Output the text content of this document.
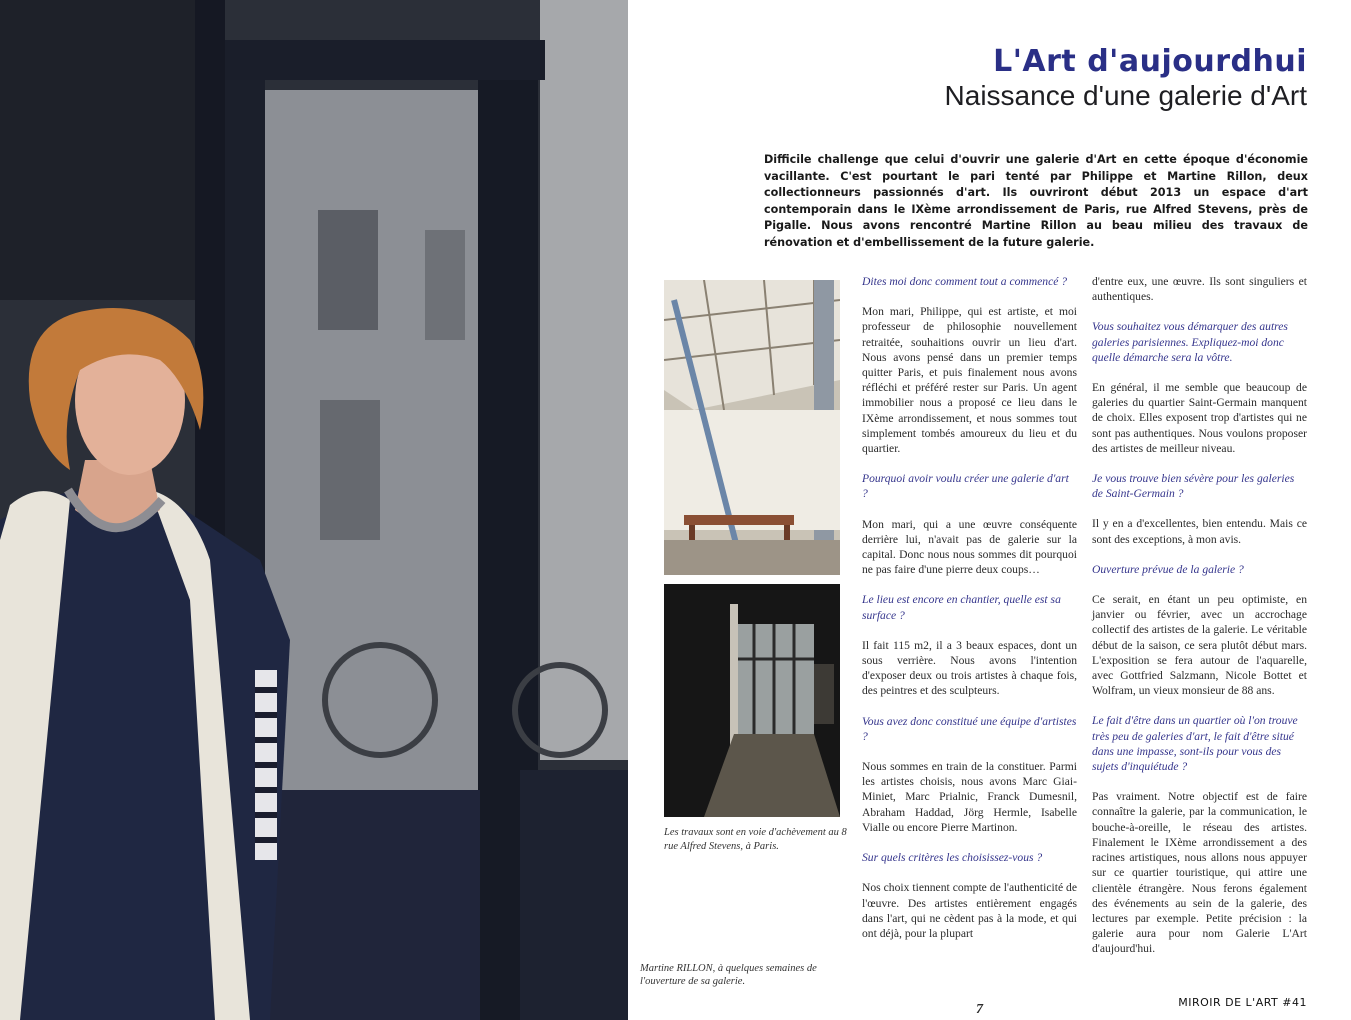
Martine RILLON, à quelques semaines de l'ouverture de sa galerie.
L'Art d'aujourdhui
Naissance d'une galerie d'Art

Difficile challenge que celui d'ouvrir une galerie d'Art en cette époque d'économie vacillante. C'est pourtant le pari tenté par Philippe et Martine Rillon, deux collectionneurs passionnés d'art. Ils ouvriront début 2013 un espace d'art contemporain dans le IXème arrondissement de Paris, rue Alfred Stevens, près de Pigalle. Nous avons rencontré Martine Rillon au beau milieu des travaux de rénovation et d'embellissement de la future galerie.

Les travaux sont en voie d'achèvement au 8 rue Alfred Stevens, à Paris.

Dites moi donc comment tout a commencé ?

Mon mari, Philippe, qui est artiste, et moi professeur de philosophie nouvellement retraitée, souhaitions ouvrir un lieu d'art. Nous avons pensé dans un premier temps quitter Paris, et puis finalement nous avons réfléchi et préféré rester sur Paris. Un agent immobilier nous a proposé ce lieu dans le IXème arrondissement, et nous sommes tout simplement tombés amoureux du lieu et du quartier.

Pourquoi avoir voulu créer une galerie d'art ?

Mon mari, qui a une œuvre conséquente derrière lui, n'avait pas de galerie sur la capital. Donc nous nous sommes dit pourquoi ne pas faire d'une pierre deux coups…

Le lieu est encore en chantier, quelle est sa surface ?

Il fait 115 m2, il a 3 beaux espaces, dont un sous verrière. Nous avons l'intention d'exposer deux ou trois artistes à chaque fois, des peintres et des sculpteurs.

Vous avez donc constitué une équipe d'artistes ?

Nous sommes en train de la constituer. Parmi les artistes choisis, nous avons Marc Giai-Miniet, Marc Prialnic, Franck Dumesnil, Abraham Haddad, Jörg Hermle, Isabelle Vialle ou encore Pierre Martinon.

Sur quels critères les choisissez-vous ?

Nos choix tiennent compte de l'authenticité de l'œuvre. Des artistes entièrement engagés dans l'art, qui ne cèdent pas à la mode, et qui ont déjà, pour la plupart

d'entre eux, une œuvre. Ils sont singuliers et authentiques.

Vous souhaitez vous démarquer des autres galeries parisiennes. Expliquez-moi donc quelle démarche sera la vôtre.

En général, il me semble que beaucoup de galeries du quartier Saint-Germain manquent de choix. Elles exposent trop d'artistes qui ne sont pas authentiques. Nous voulons proposer des artistes de meilleur niveau.

Je vous trouve bien sévère pour les galeries de Saint-Germain ?

Il y en a d'excellentes, bien entendu. Mais ce sont des exceptions, à mon avis.

Ouverture prévue de la galerie ?

Ce serait, en étant un peu optimiste, en janvier ou février, avec un accrochage collectif des artistes de la galerie. Le véritable début de la saison, ce sera plutôt début mars. L'exposition se fera autour de l'aquarelle, avec Gottfried Salzmann, Nicole Bottet et Wolfram, un vieux monsieur de 88 ans.

Le fait d'être dans un quartier où l'on trouve très peu de galeries d'art, le fait d'être situé dans une impasse, sont-ils pour vous des sujets d'inquiétude ?

Pas vraiment. Notre objectif est de faire connaître la galerie, par la communication, le bouche-à-oreille, le réseau des artistes. Finalement le IXème arrondissement a des racines artistiques, nous allons nous appuyer sur ce quartier touristique, qui attire une clientèle étrangère. Nous ferons également des événements au sein de la galerie, des lectures par exemple. Petite précision : la galerie aura pour nom Galerie L'Art d'aujourd'hui.

7	MIROIR DE L'ART #41
